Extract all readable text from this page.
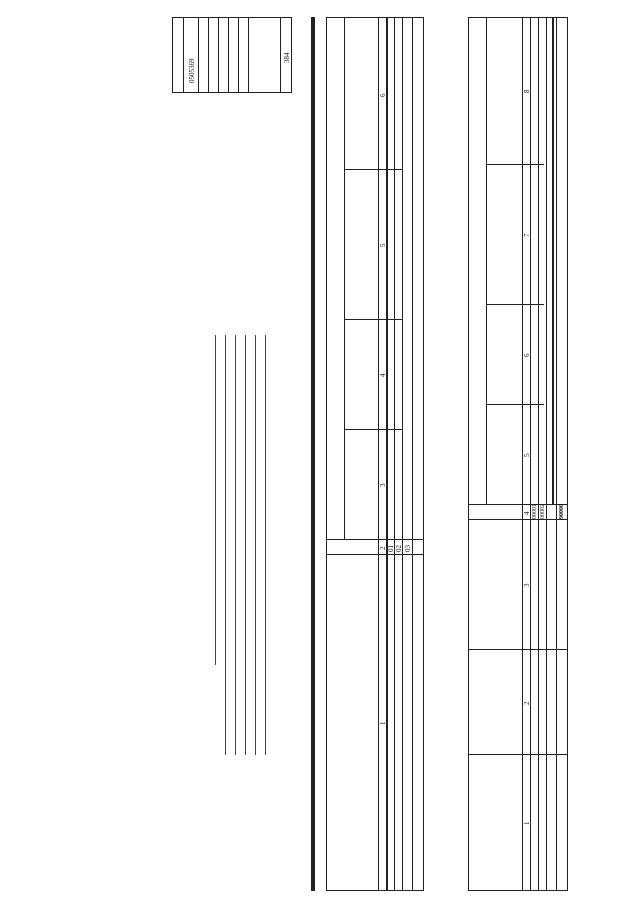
0505369
384
1
2
3
4
5
6
01 02 03
1
2
3
4
5
6
7
8
00001 00002 90000
